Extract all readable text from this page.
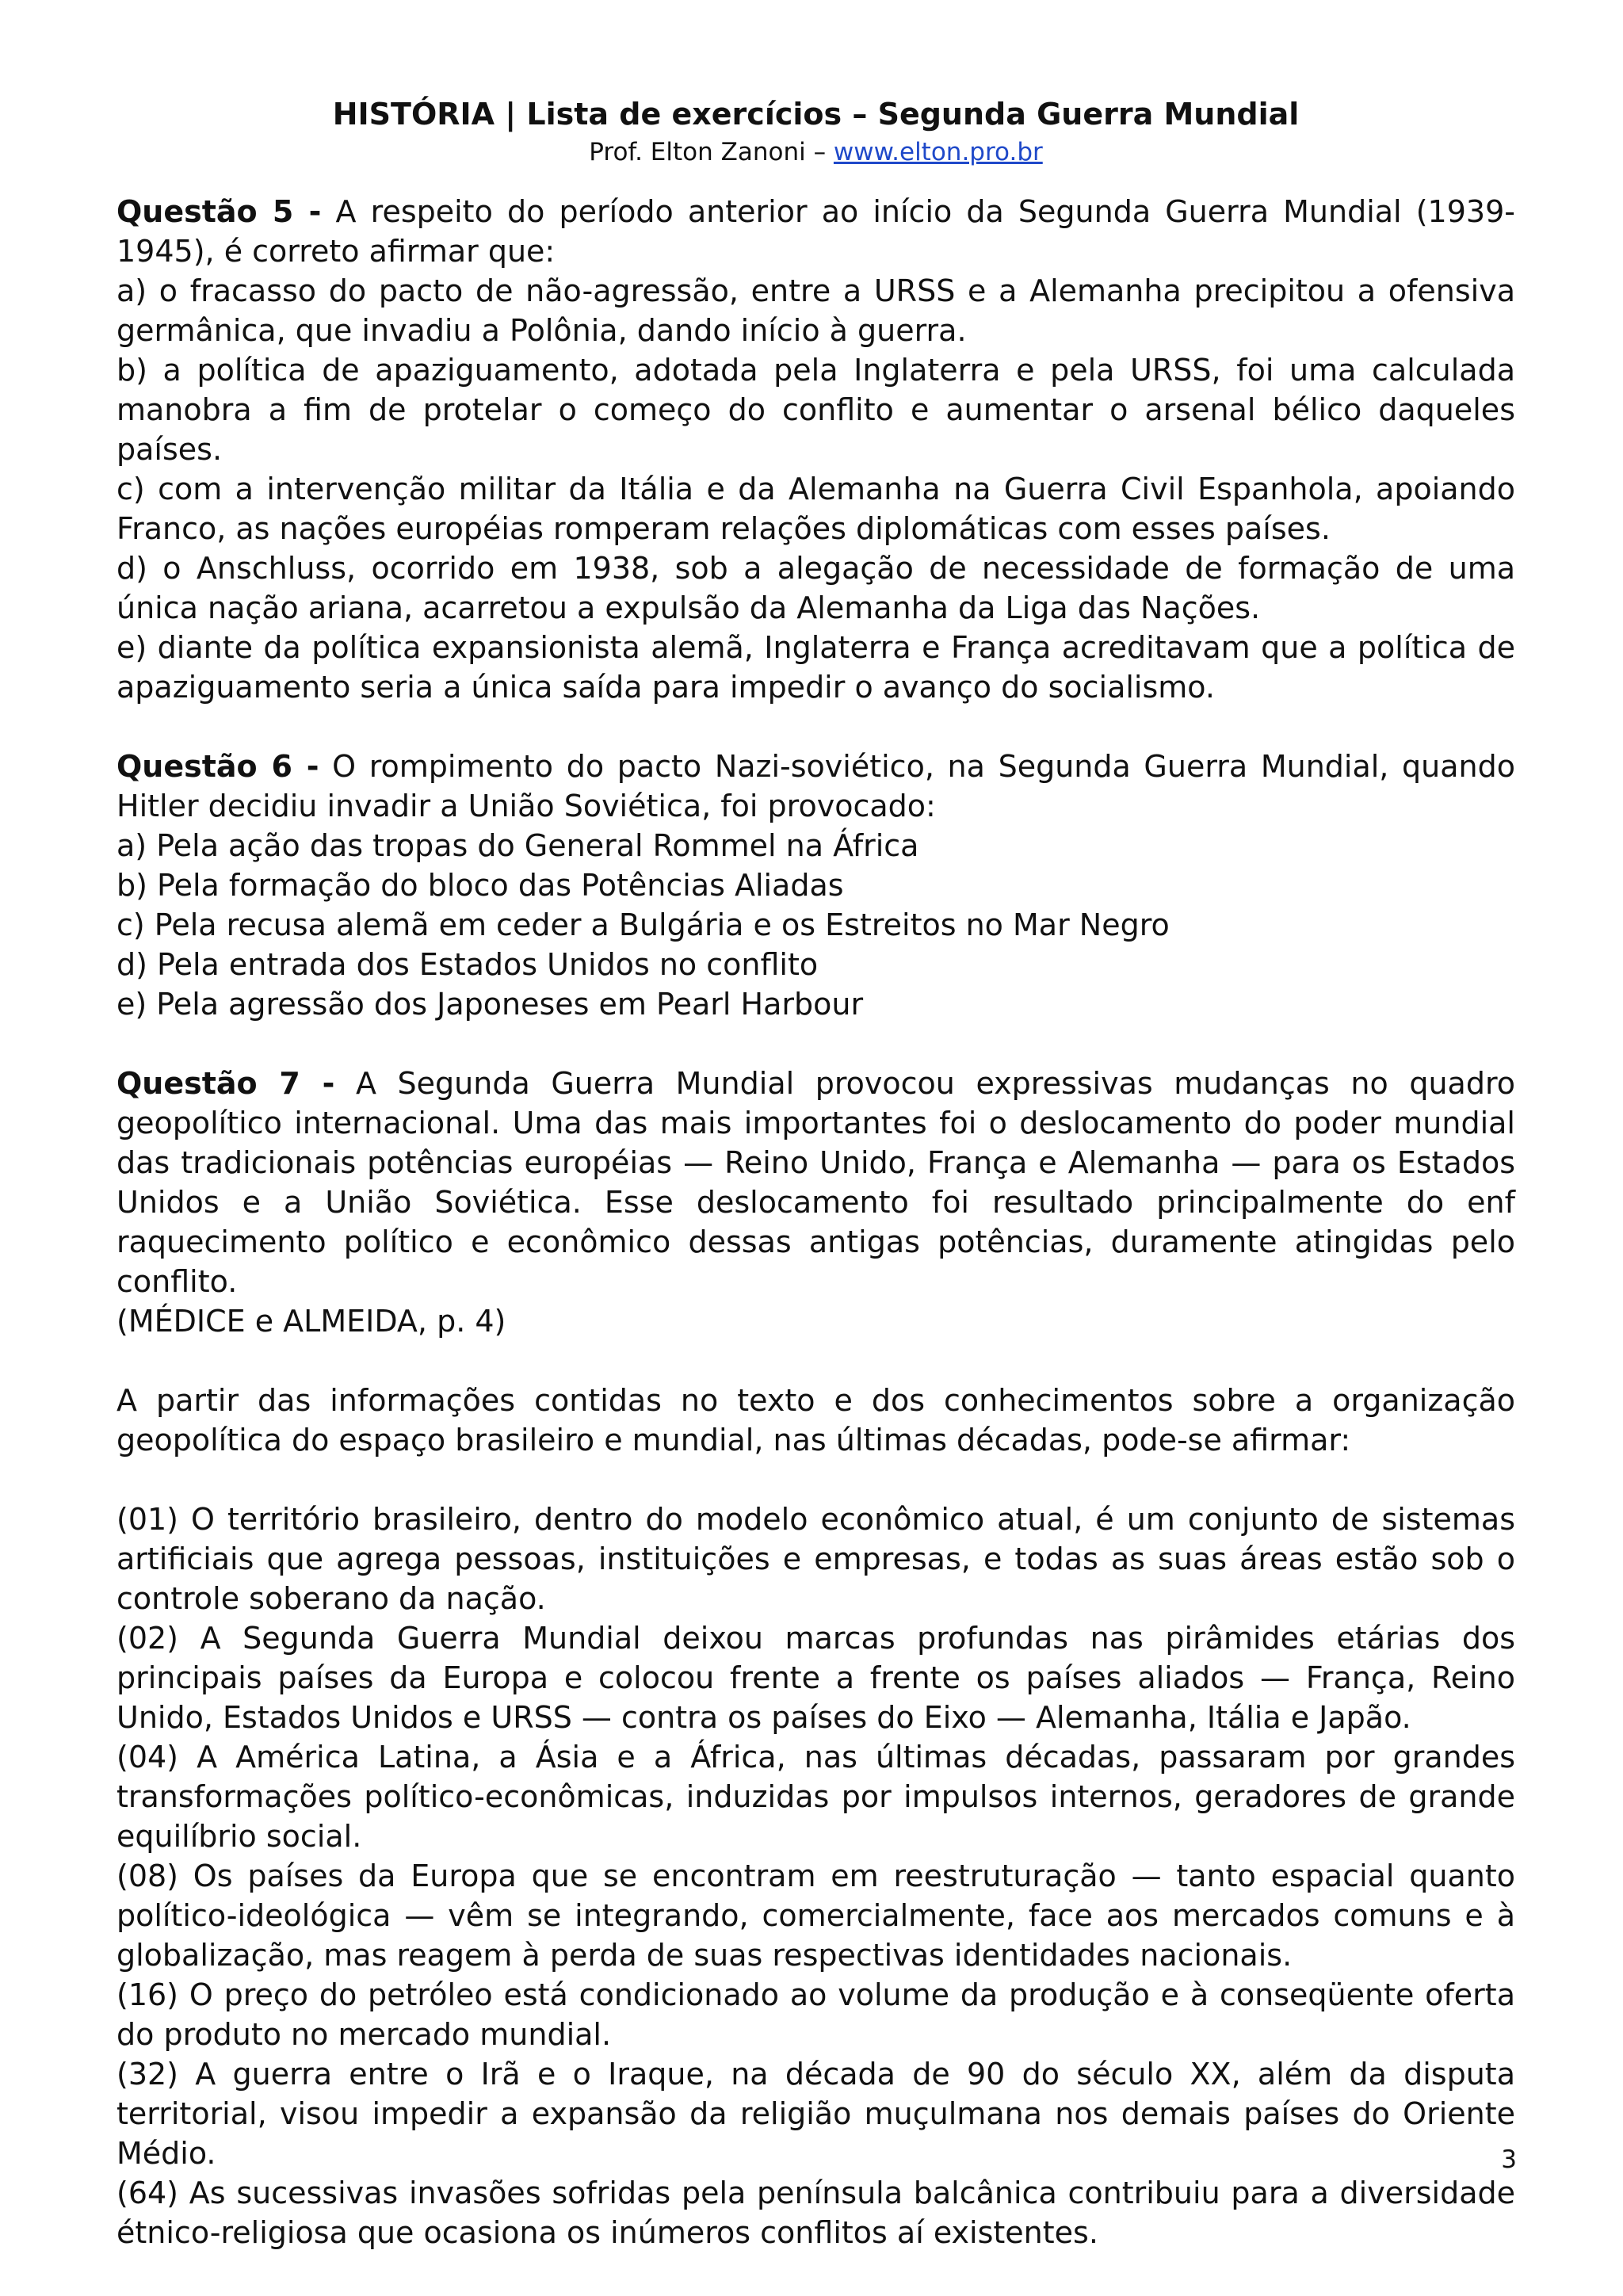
HISTÓRIA | Lista de exercícios – Segunda Guerra Mundial
Prof. Elton Zanoni – www.elton.pro.br

Questão 5 - A respeito do período anterior ao início da Segunda Guerra Mundial (1939-1945), é correto afirmar que:

a) o fracasso do pacto de não-agressão, entre a URSS e a Alemanha precipitou a ofensiva germânica, que invadiu a Polônia, dando início à guerra.

b) a política de apaziguamento, adotada pela Inglaterra e pela URSS, foi uma calculada manobra a fim de protelar o começo do conflito e aumentar o arsenal bélico daqueles países.

c) com a intervenção militar da Itália e da Alemanha na Guerra Civil Espanhola, apoiando Franco, as nações européias romperam relações diplomáticas com esses países.

d) o Anschluss, ocorrido em 1938, sob a alegação de necessidade de formação de uma única nação ariana, acarretou a expulsão da Alemanha da Liga das Nações.

e) diante da política expansionista alemã, Inglaterra e França acreditavam que a política de apaziguamento seria a única saída para impedir o avanço do socialismo.

Questão 6 - O rompimento do pacto Nazi-soviético, na Segunda Guerra Mundial, quando Hitler decidiu invadir a União Soviética, foi provocado:

a) Pela ação das tropas do General Rommel na África

b) Pela formação do bloco das Potências Aliadas

c) Pela recusa alemã em ceder a Bulgária e os Estreitos no Mar Negro

d) Pela entrada dos Estados Unidos no conflito

e) Pela agressão dos Japoneses em Pearl Harbour

Questão 7 - A Segunda Guerra Mundial provocou expressivas mudanças no quadro geopolítico internacional. Uma das mais importantes foi o deslocamento do poder mundial das tradicionais potências européias — Reino Unido, França e Alemanha — para os Estados Unidos e a União Soviética. Esse deslocamento foi resultado principalmente do enf raquecimento político e econômico dessas antigas potências, duramente atingidas pelo conflito.

(MÉDICE e ALMEIDA, p. 4)

A partir das informações contidas no texto e dos conhecimentos sobre a organização geopolítica do espaço brasileiro e mundial, nas últimas décadas, pode-se afirmar:

(01) O território brasileiro, dentro do modelo econômico atual, é um conjunto de sistemas artificiais que agrega pessoas, instituições e empresas, e todas as suas áreas estão sob o controle soberano da nação.

(02) A Segunda Guerra Mundial deixou marcas profundas nas pirâmides etárias dos principais países da Europa e colocou frente a frente os países aliados — França, Reino Unido, Estados Unidos e URSS — contra os países do Eixo — Alemanha, Itália e Japão.

(04) A América Latina, a Ásia e a África, nas últimas décadas, passaram por grandes transformações político-econômicas, induzidas por impulsos internos, geradores de grande equilíbrio social.

(08) Os países da Europa que se encontram em reestruturação — tanto espacial quanto político-ideológica — vêm se integrando, comercialmente, face aos mercados comuns e à globalização, mas reagem à perda de suas respectivas identidades nacionais.

(16) O preço do petróleo está condicionado ao volume da produção e à conseqüente oferta do produto no mercado mundial.

(32) A guerra entre o Irã e o Iraque, na década de 90 do século XX, além da disputa territorial, visou impedir a expansão da religião muçulmana nos demais países do Oriente Médio.

(64) As sucessivas invasões sofridas pela península balcânica contribuiu para a diversidade étnico-religiosa que ocasiona os inúmeros conflitos aí existentes.

3
